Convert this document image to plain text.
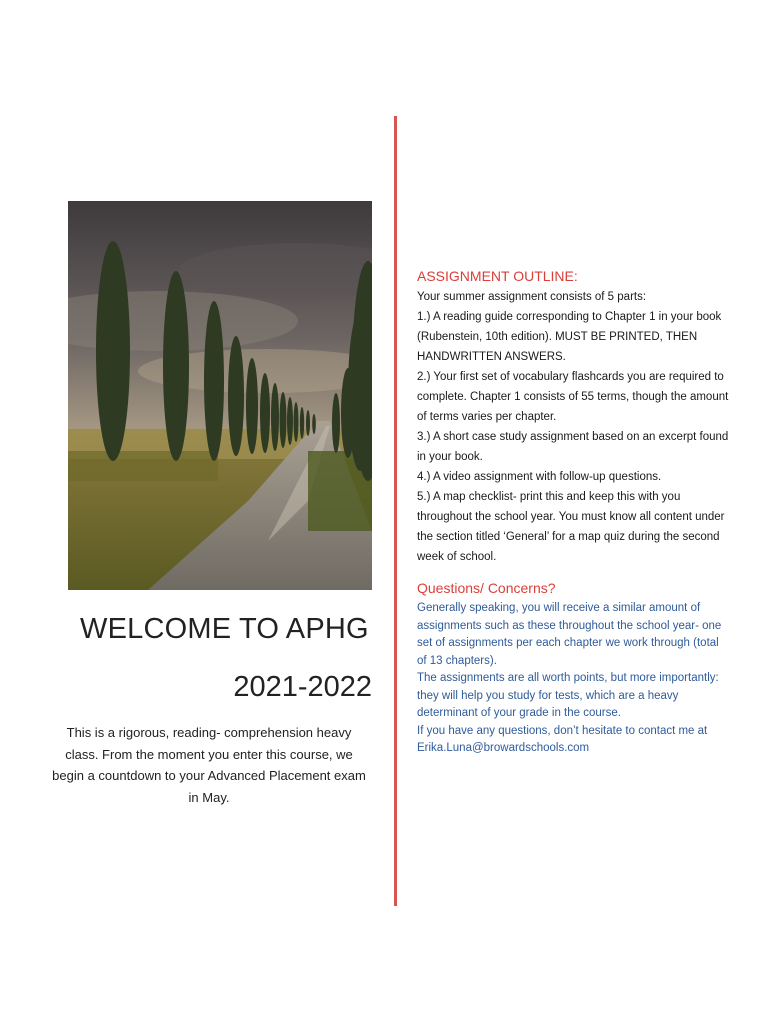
WELCOME TO APHG
2021-2022
This is a rigorous, reading- comprehension heavy class. From the moment you enter this course, we begin a countdown to your Advanced Placement exam in May.
ASSIGNMENT OUTLINE:
Your summer assignment consists of 5 parts:
1.) A reading guide corresponding to Chapter 1 in your book (Rubenstein, 10th edition). MUST BE PRINTED, THEN HANDWRITTEN ANSWERS.
2.) Your first set of vocabulary flashcards you are required to complete. Chapter 1 consists of 55 terms, though the amount of terms varies per chapter.
3.) A short case study assignment based on an excerpt found in your book.
4.) A video assignment with follow-up questions.
5.) A map checklist- print this and keep this with you throughout the school year. You must know all content under the section titled ‘General’ for a map quiz during the second week of school.
Questions/ Concerns?

Generally speaking, you will receive a similar amount of assignments such as these throughout the school year- one set of assignments per each chapter we work through (total of 13 chapters).

The assignments are all worth points, but more importantly: they will help you study for tests, which are a heavy determinant of your grade in the course.

If you have any questions, don’t hesitate to contact me at Erika.Luna@browardschools.com
